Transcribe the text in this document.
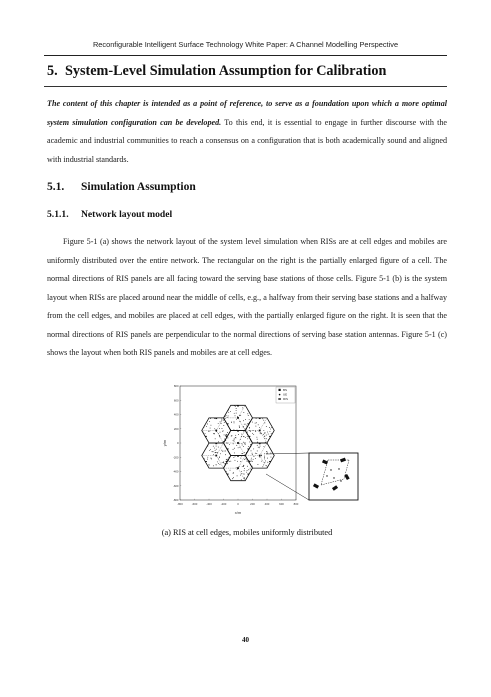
Reconfigurable Intelligent Surface Technology White Paper: A Channel Modelling Perspective
5. System-Level Simulation Assumption for Calibration
The content of this chapter is intended as a point of reference, to serve as a foundation upon which a more optimal system simulation configuration can be developed. To this end, it is essential to engage in further discourse with the academic and industrial communities to reach a consensus on a configuration that is both academically sound and aligned with industrial standards.
5.1. Simulation Assumption
5.1.1. Network layout model
Figure 5-1 (a) shows the network layout of the system level simulation when RISs are at cell edges and mobiles are uniformly distributed over the entire network. The rectangular on the right is the partially enlarged figure of a cell. The normal directions of RIS panels are all facing toward the serving base stations of those cells. Figure 5-1 (b) is the system layout when RISs are placed around near the middle of cells, e.g., a halfway from their serving base stations and a halfway from the cell edges, and mobiles are placed at cell edges, with the partially enlarged figure on the right. It is seen that the normal directions of RIS panels are perpendicular to the normal directions of serving base station antennas. Figure 5-1 (c) shows the layout when both RIS panels and mobiles are at cell edges.
800
600
400
200
0
-200
-400
-600
-800
-800	-600	-400	-200	0	200	400	600	800
y/m
x/m
BS
UE
RIS
(a) RIS at cell edges, mobiles uniformly distributed
40
